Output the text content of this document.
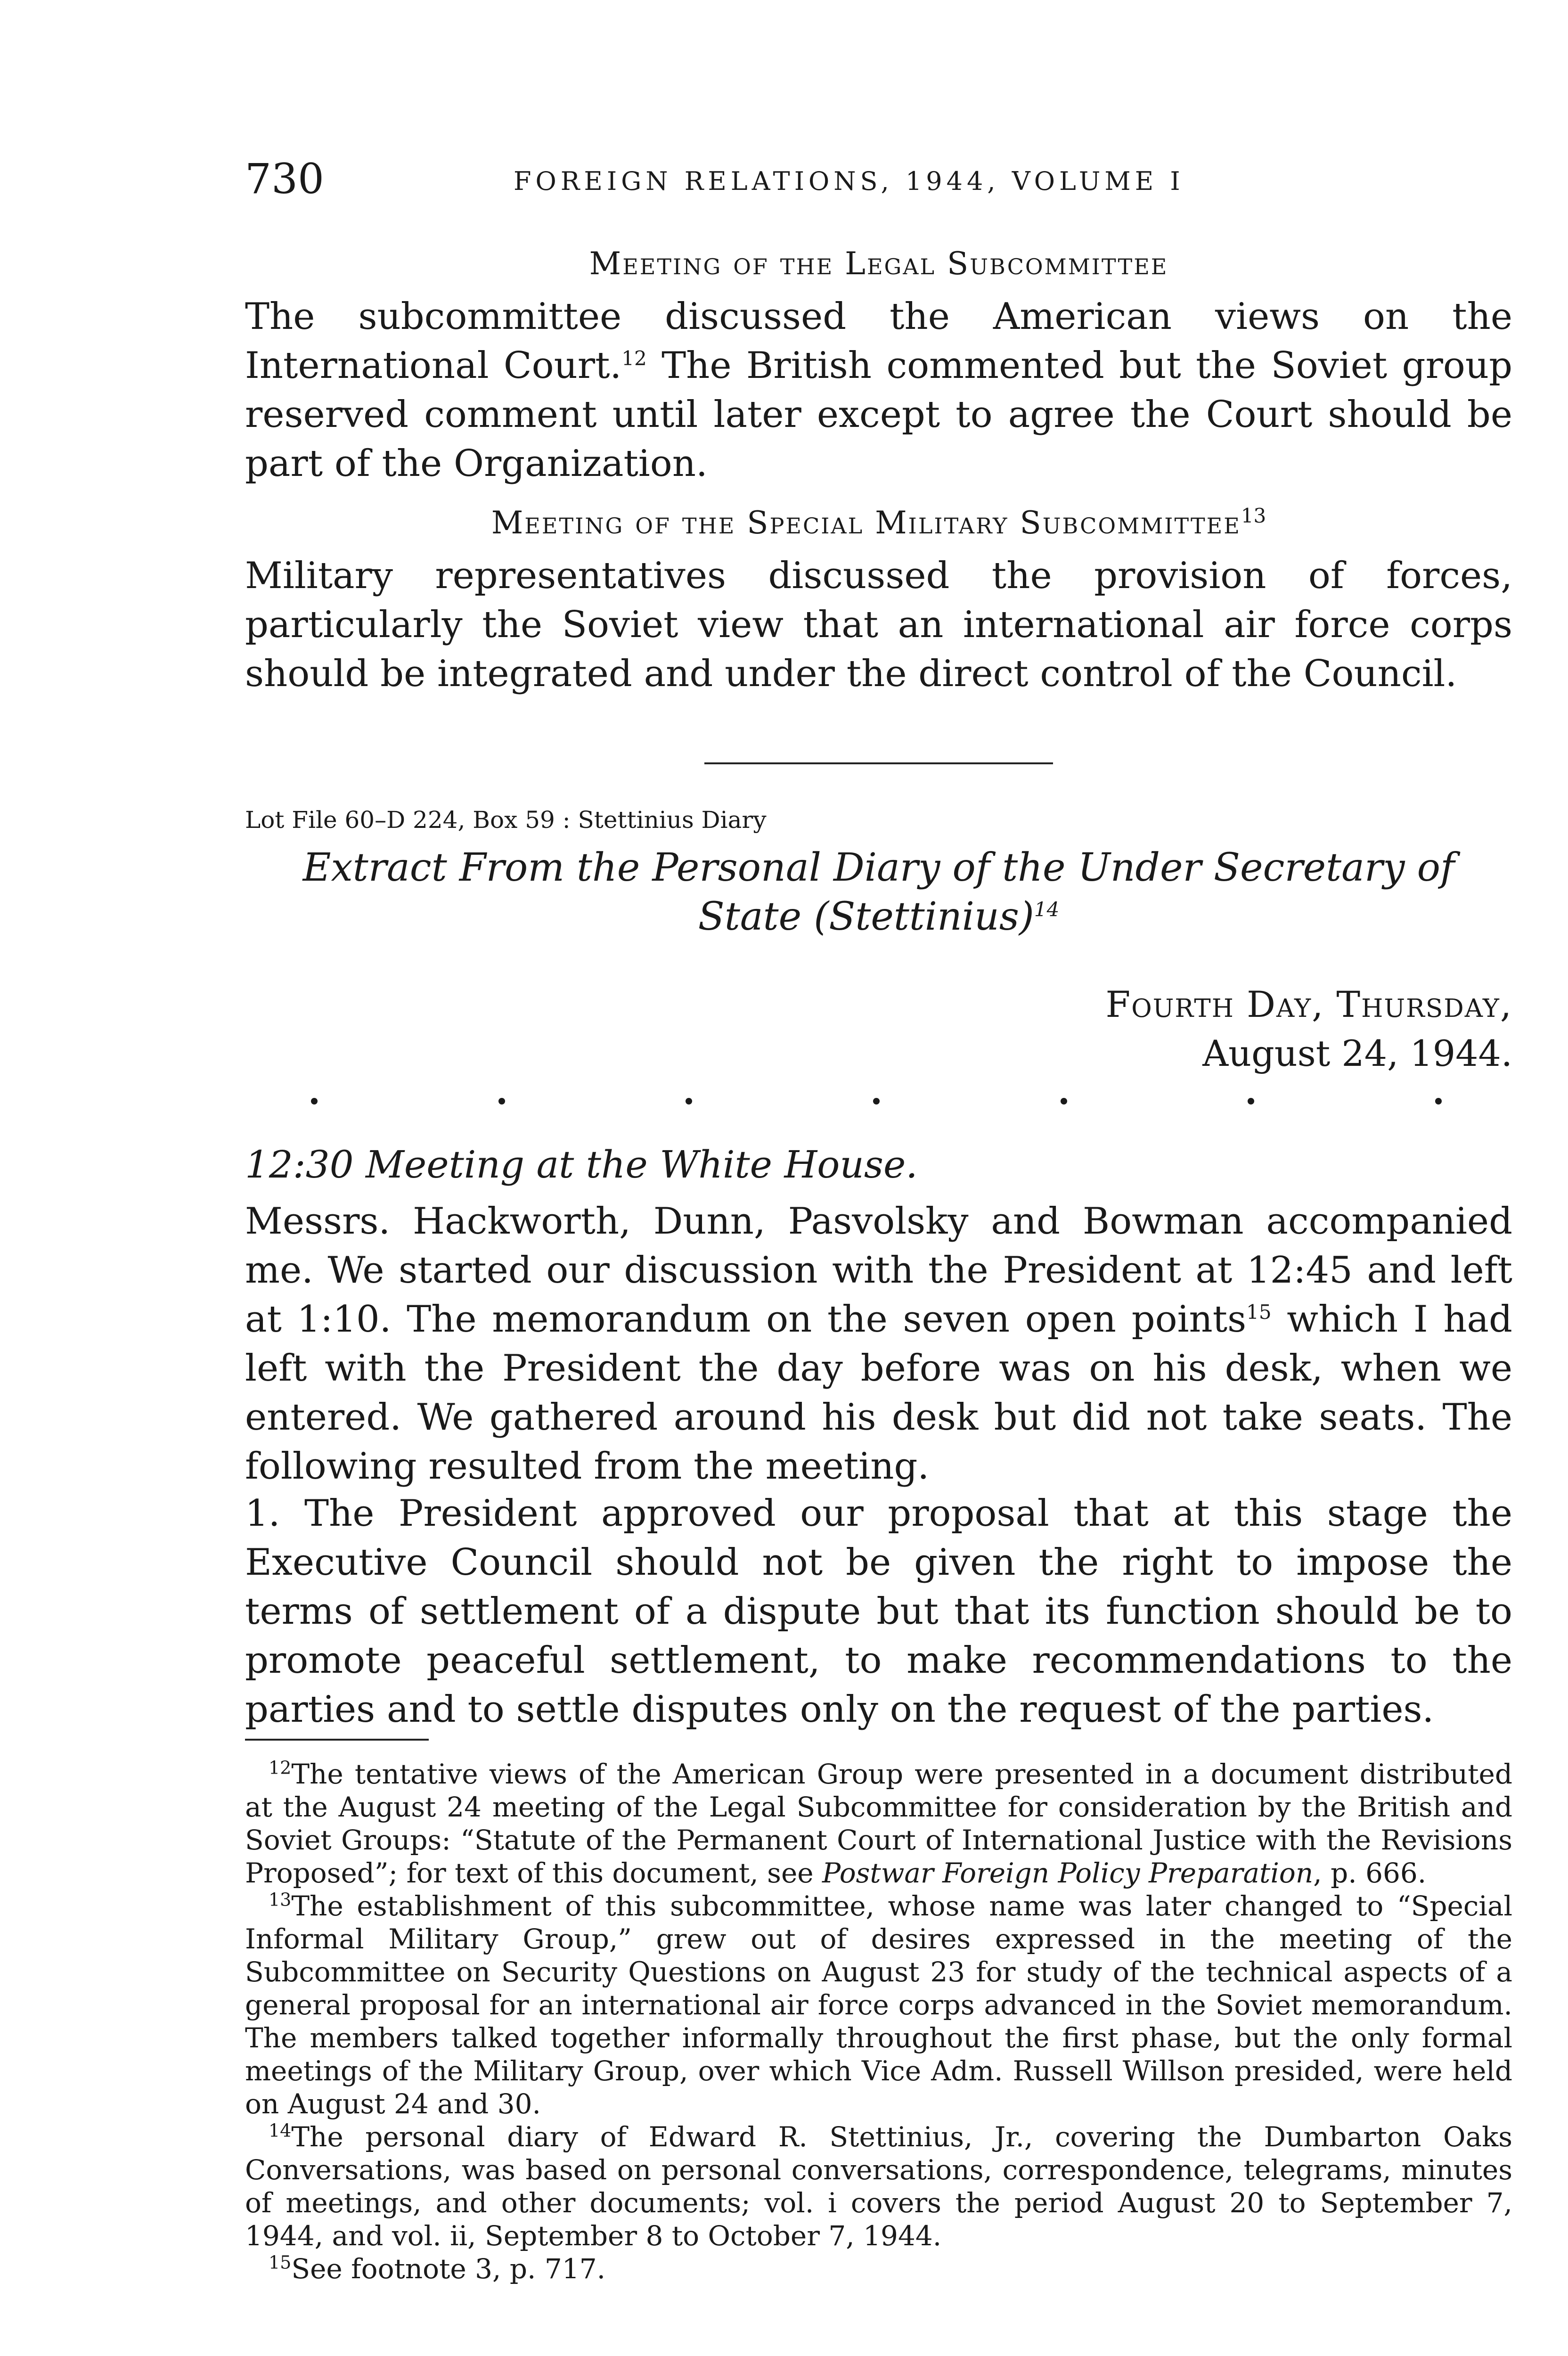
730	FOREIGN RELATIONS, 1944, VOLUME I
Meeting of the Legal Subcommittee
The subcommittee discussed the American views on the International Court.$^{12}$ The British commented but the Soviet group reserved comment until later except to agree the Court should be part of the Organization.
Meeting of the Special Military Subcommittee$^{13}$
Military representatives discussed the provision of forces, particularly the Soviet view that an international air force corps should be integrated and under the direct control of the Council.
Lot File 60–D 224, Box 59 : Stettinius Diary
Extract From the Personal Diary of the Under Secretary of State (Stettinius)$^{14}$
Fourth Day, Thursday,
August 24, 1944.
12:30 Meeting at the White House.
Messrs. Hackworth, Dunn, Pasvolsky and Bowman accompanied me. We started our discussion with the President at 12:45 and left at 1:10. The memorandum on the seven open points$^{15}$ which I had left with the President the day before was on his desk, when we entered. We gathered around his desk but did not take seats. The following resulted from the meeting.
1. The President approved our proposal that at this stage the Executive Council should not be given the right to impose the terms of settlement of a dispute but that its function should be to promote peaceful settlement, to make recommendations to the parties and to settle disputes only on the request of the parties.

$^{12}$The tentative views of the American Group were presented in a document distributed at the August 24 meeting of the Legal Subcommittee for consideration by the British and Soviet Groups: “Statute of the Permanent Court of International Justice with the Revisions Proposed”; for text of this document, see Postwar Foreign Policy Preparation, p. 666.

$^{13}$The establishment of this subcommittee, whose name was later changed to “Special Informal Military Group,” grew out of desires expressed in the meeting of the Subcommittee on Security Questions on August 23 for study of the technical aspects of a general proposal for an international air force corps advanced in the Soviet memorandum. The members talked together informally throughout the first phase, but the only formal meetings of the Military Group, over which Vice Adm. Russell Willson presided, were held on August 24 and 30.

$^{14}$The personal diary of Edward R. Stettinius, Jr., covering the Dumbarton Oaks Conversations, was based on personal conversations, correspondence, telegrams, minutes of meetings, and other documents; vol. i covers the period August 20 to September 7, 1944, and vol. ii, September 8 to October 7, 1944.

$^{15}$See footnote 3, p. 717.
